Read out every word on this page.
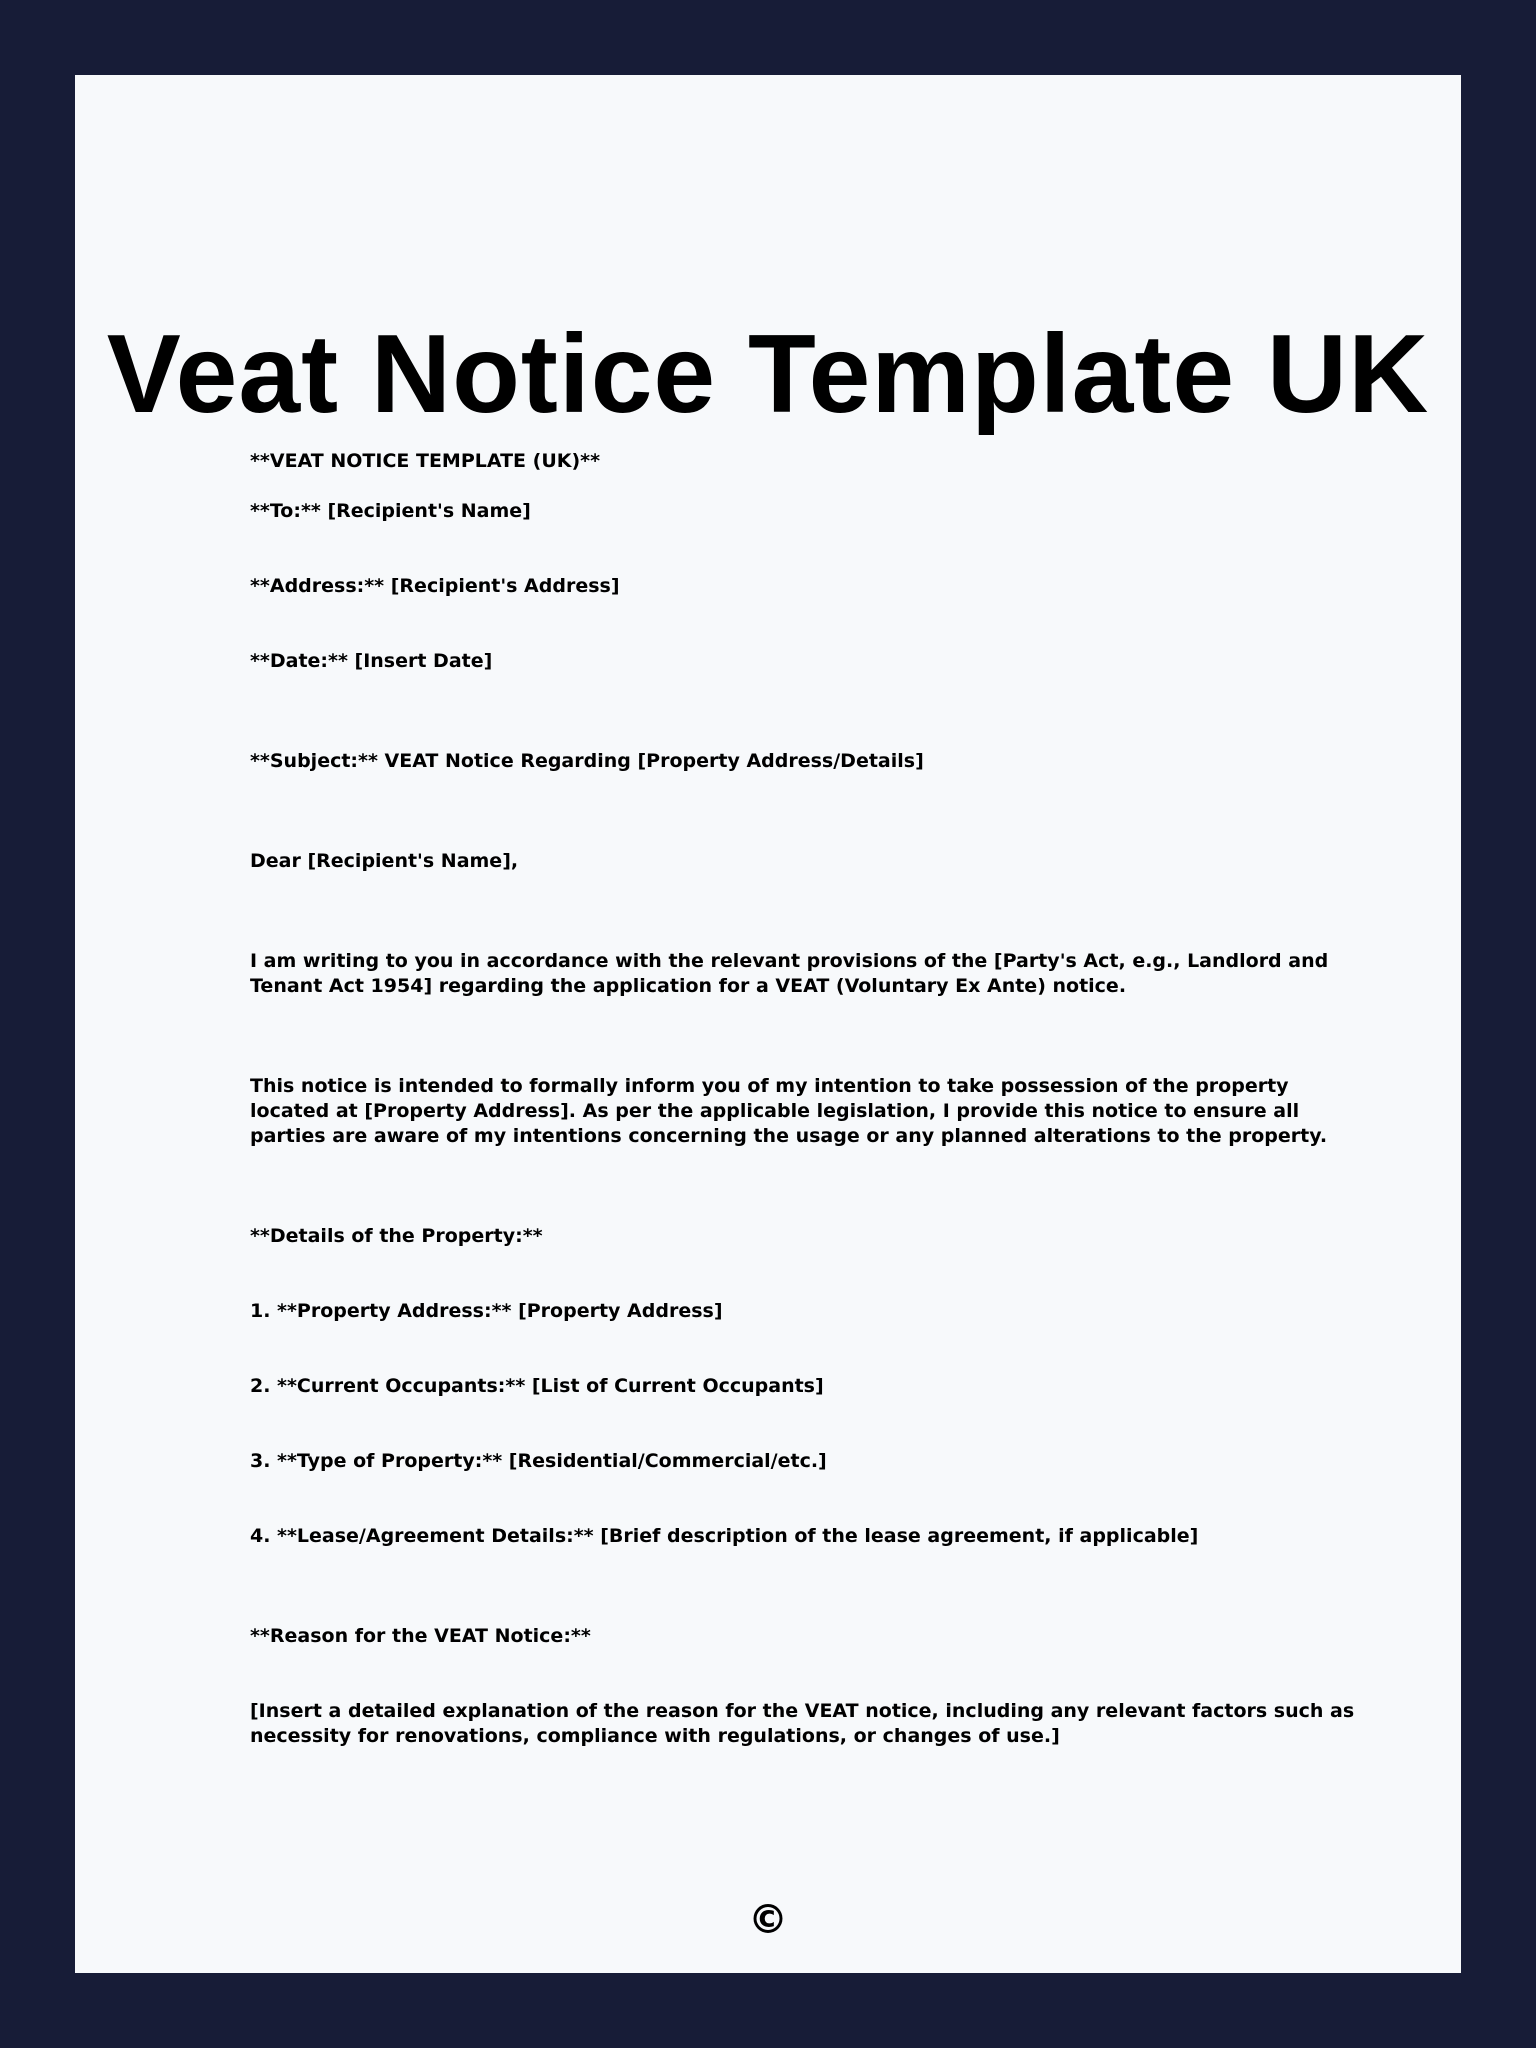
Veat Notice Template UK

**VEAT NOTICE TEMPLATE (UK)**

**To:** [Recipient's Name]

**Address:** [Recipient's Address]

**Date:** [Insert Date]

**Subject:** VEAT Notice Regarding [Property Address/Details]

Dear [Recipient's Name],

I am writing to you in accordance with the relevant provisions of the [Party's Act, e.g., Landlord and Tenant Act 1954] regarding the application for a VEAT (Voluntary Ex Ante) notice.

This notice is intended to formally inform you of my intention to take possession of the property located at [Property Address]. As per the applicable legislation, I provide this notice to ensure all parties are aware of my intentions concerning the usage or any planned alterations to the property.

**Details of the Property:**

1. **Property Address:** [Property Address]

2. **Current Occupants:** [List of Current Occupants]

3. **Type of Property:** [Residential/Commercial/etc.]

4. **Lease/Agreement Details:** [Brief description of the lease agreement, if applicable]

**Reason for the VEAT Notice:**

[Insert a detailed explanation of the reason for the VEAT notice, including any relevant factors such as necessity for renovations, compliance with regulations, or changes of use.]

©
